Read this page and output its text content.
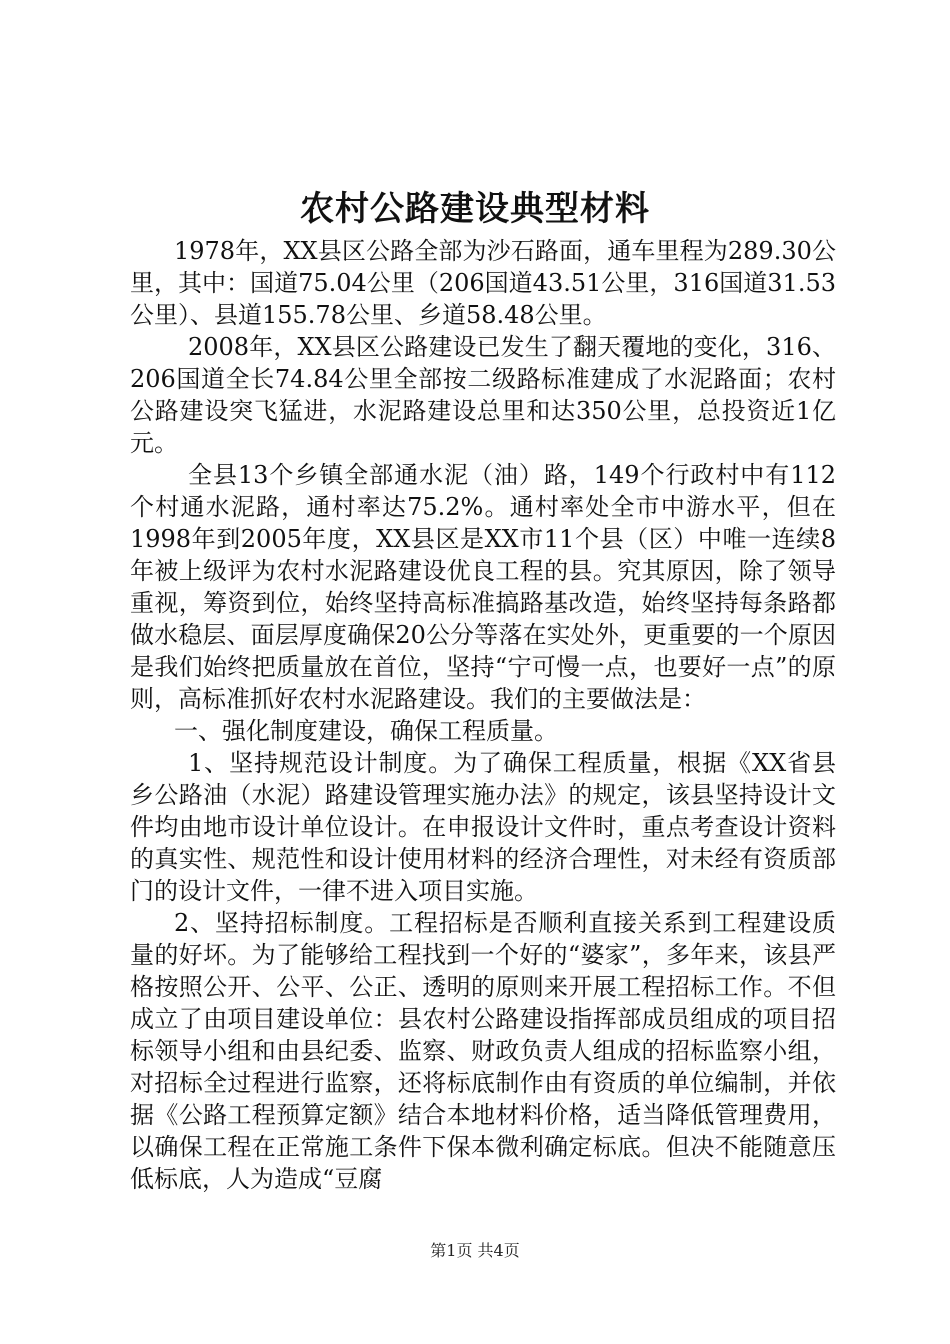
农村公路建设典型材料

1978年，XX县区公路全部为沙石路面，通车里程为289.30公里，其中：国道75.04公里（206国道43.51公里，316国道31.53公里）、县道155.78公里、乡道58.48公里。

2008年，XX县区公路建设已发生了翻天覆地的变化，316、206国道全长74.84公里全部按二级路标准建成了水泥路面；农村公路建设突飞猛进，水泥路建设总里和达350公里，总投资近1亿元。

全县13个乡镇全部通水泥（油）路，149个行政村中有112个村通水泥路，通村率达75.2%。通村率处全市中游水平，但在1998年到2005年度，XX县区是XX市11个县（区）中唯一连续8年被上级评为农村水泥路建设优良工程的县。究其原因，除了领导重视，筹资到位，始终坚持高标准搞路基改造，始终坚持每条路都做水稳层、面层厚度确保20公分等落在实处外，更重要的一个原因是我们始终把质量放在首位，坚持“宁可慢一点，也要好一点”的原则，高标准抓好农村水泥路建设。我们的主要做法是：

一、强化制度建设，确保工程质量。

1、坚持规范设计制度。为了确保工程质量，根据《XX省县乡公路油（水泥）路建设管理实施办法》的规定，该县坚持设计文件均由地市设计单位设计。在申报设计文件时，重点考查设计资料的真实性、规范性和设计使用材料的经济合理性，对未经有资质部门的设计文件，一律不进入项目实施。

2、坚持招标制度。工程招标是否顺利直接关系到工程建设质量的好坏。为了能够给工程找到一个好的“婆家”，多年来，该县严格按照公开、公平、公正、透明的原则来开展工程招标工作。不但成立了由项目建设单位：县农村公路建设指挥部成员组成的项目招标领导小组和由县纪委、监察、财政负责人组成的招标监察小组，对招标全过程进行监察，还将标底制作由有资质的单位编制，并依据《公路工程预算定额》结合本地材料价格，适当降低管理费用，以确保工程在正常施工条件下保本微利确定标底。但决不能随意压低标底，人为造成“豆腐

第1页 共4页
